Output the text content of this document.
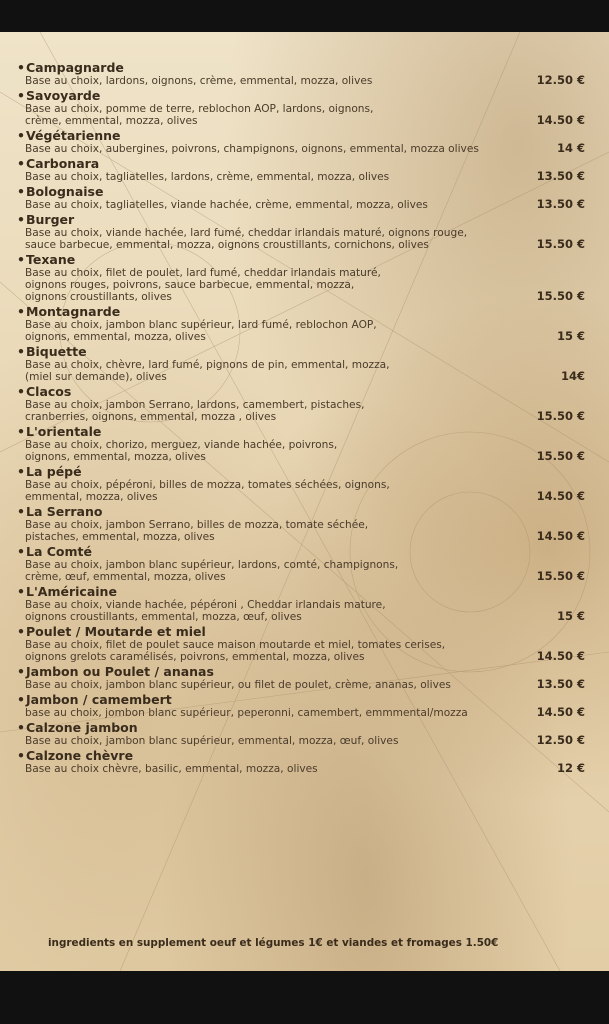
• Campagnarde
Base au choix, lardons, oignons, crème, emmental, mozza, olives	12.50 €
• Savoyarde
Base au choix, pomme de terre, reblochon AOP, lardons, oignons,
crème, emmental, mozza, olives	14.50 €
• Végétarienne
Base au choix, aubergines, poivrons, champignons, oignons, emmental, mozza olives	14 €
• Carbonara
Base au choix, tagliatelles, lardons, crème, emmental, mozza, olives	13.50 €
• Bolognaise
Base au choix, tagliatelles, viande hachée, crème, emmental, mozza, olives	13.50 €
• Burger
Base au choix, viande hachée, lard fumé, cheddar irlandais maturé, oignons rouge,
sauce barbecue, emmental, mozza, oignons croustillants, cornichons, olives	15.50 €
• Texane
Base au choix, filet de poulet, lard fumé, cheddar irlandais maturé,
oignons rouges, poivrons, sauce barbecue, emmental, mozza,
oignons croustillants, olives	15.50 €
• Montagnarde
Base au choix, jambon blanc supérieur, lard fumé, reblochon AOP,
oignons, emmental, mozza, olives	15 €
• Biquette
Base au choix, chèvre, lard fumé, pignons de pin, emmental, mozza,
(miel sur demande), olives	14€
• Clacos
Base au choix, jambon Serrano, lardons, camembert, pistaches,
cranberries, oignons, emmental, mozza , olives	15.50 €
• L'orientale
Base au choix, chorizo, merguez, viande hachée, poivrons,
oignons, emmental, mozza, olives	15.50 €
• La pépé
Base au choix, pépéroni, billes de mozza, tomates séchées, oignons,
emmental, mozza, olives	14.50 €
• La Serrano
Base au choix, jambon Serrano, billes de mozza, tomate séchée,
pistaches, emmental, mozza, olives	14.50 €
• La Comté
Base au choix, jambon blanc supérieur, lardons, comté, champignons,
crème, œuf, emmental, mozza, olives	15.50 €
• L'Américaine
Base au choix, viande hachée, pépéroni , Cheddar irlandais mature,
oignons croustillants, emmental, mozza, œuf, olives	15 €
• Poulet / Moutarde et miel
Base au choix, filet de poulet sauce maison moutarde et miel, tomates cerises,
oignons grelots caramélisés, poivrons, emmental, mozza, olives	14.50 €
• Jambon ou Poulet / ananas
Base au choix, jambon blanc supérieur, ou filet de poulet, crème, ananas, olives	13.50 €
• Jambon / camembert
base au choix, jombon blanc supérieur, peperonni, camembert, emmmental/mozza	14.50 €
• Calzone jambon
Base au choix, jambon blanc supérieur, emmental, mozza, œuf, olives	12.50 €
• Calzone chèvre
Base au choix chèvre, basilic, emmental, mozza, olives	12 €
ingredients en supplement oeuf et légumes 1€ et viandes et fromages 1.50€
